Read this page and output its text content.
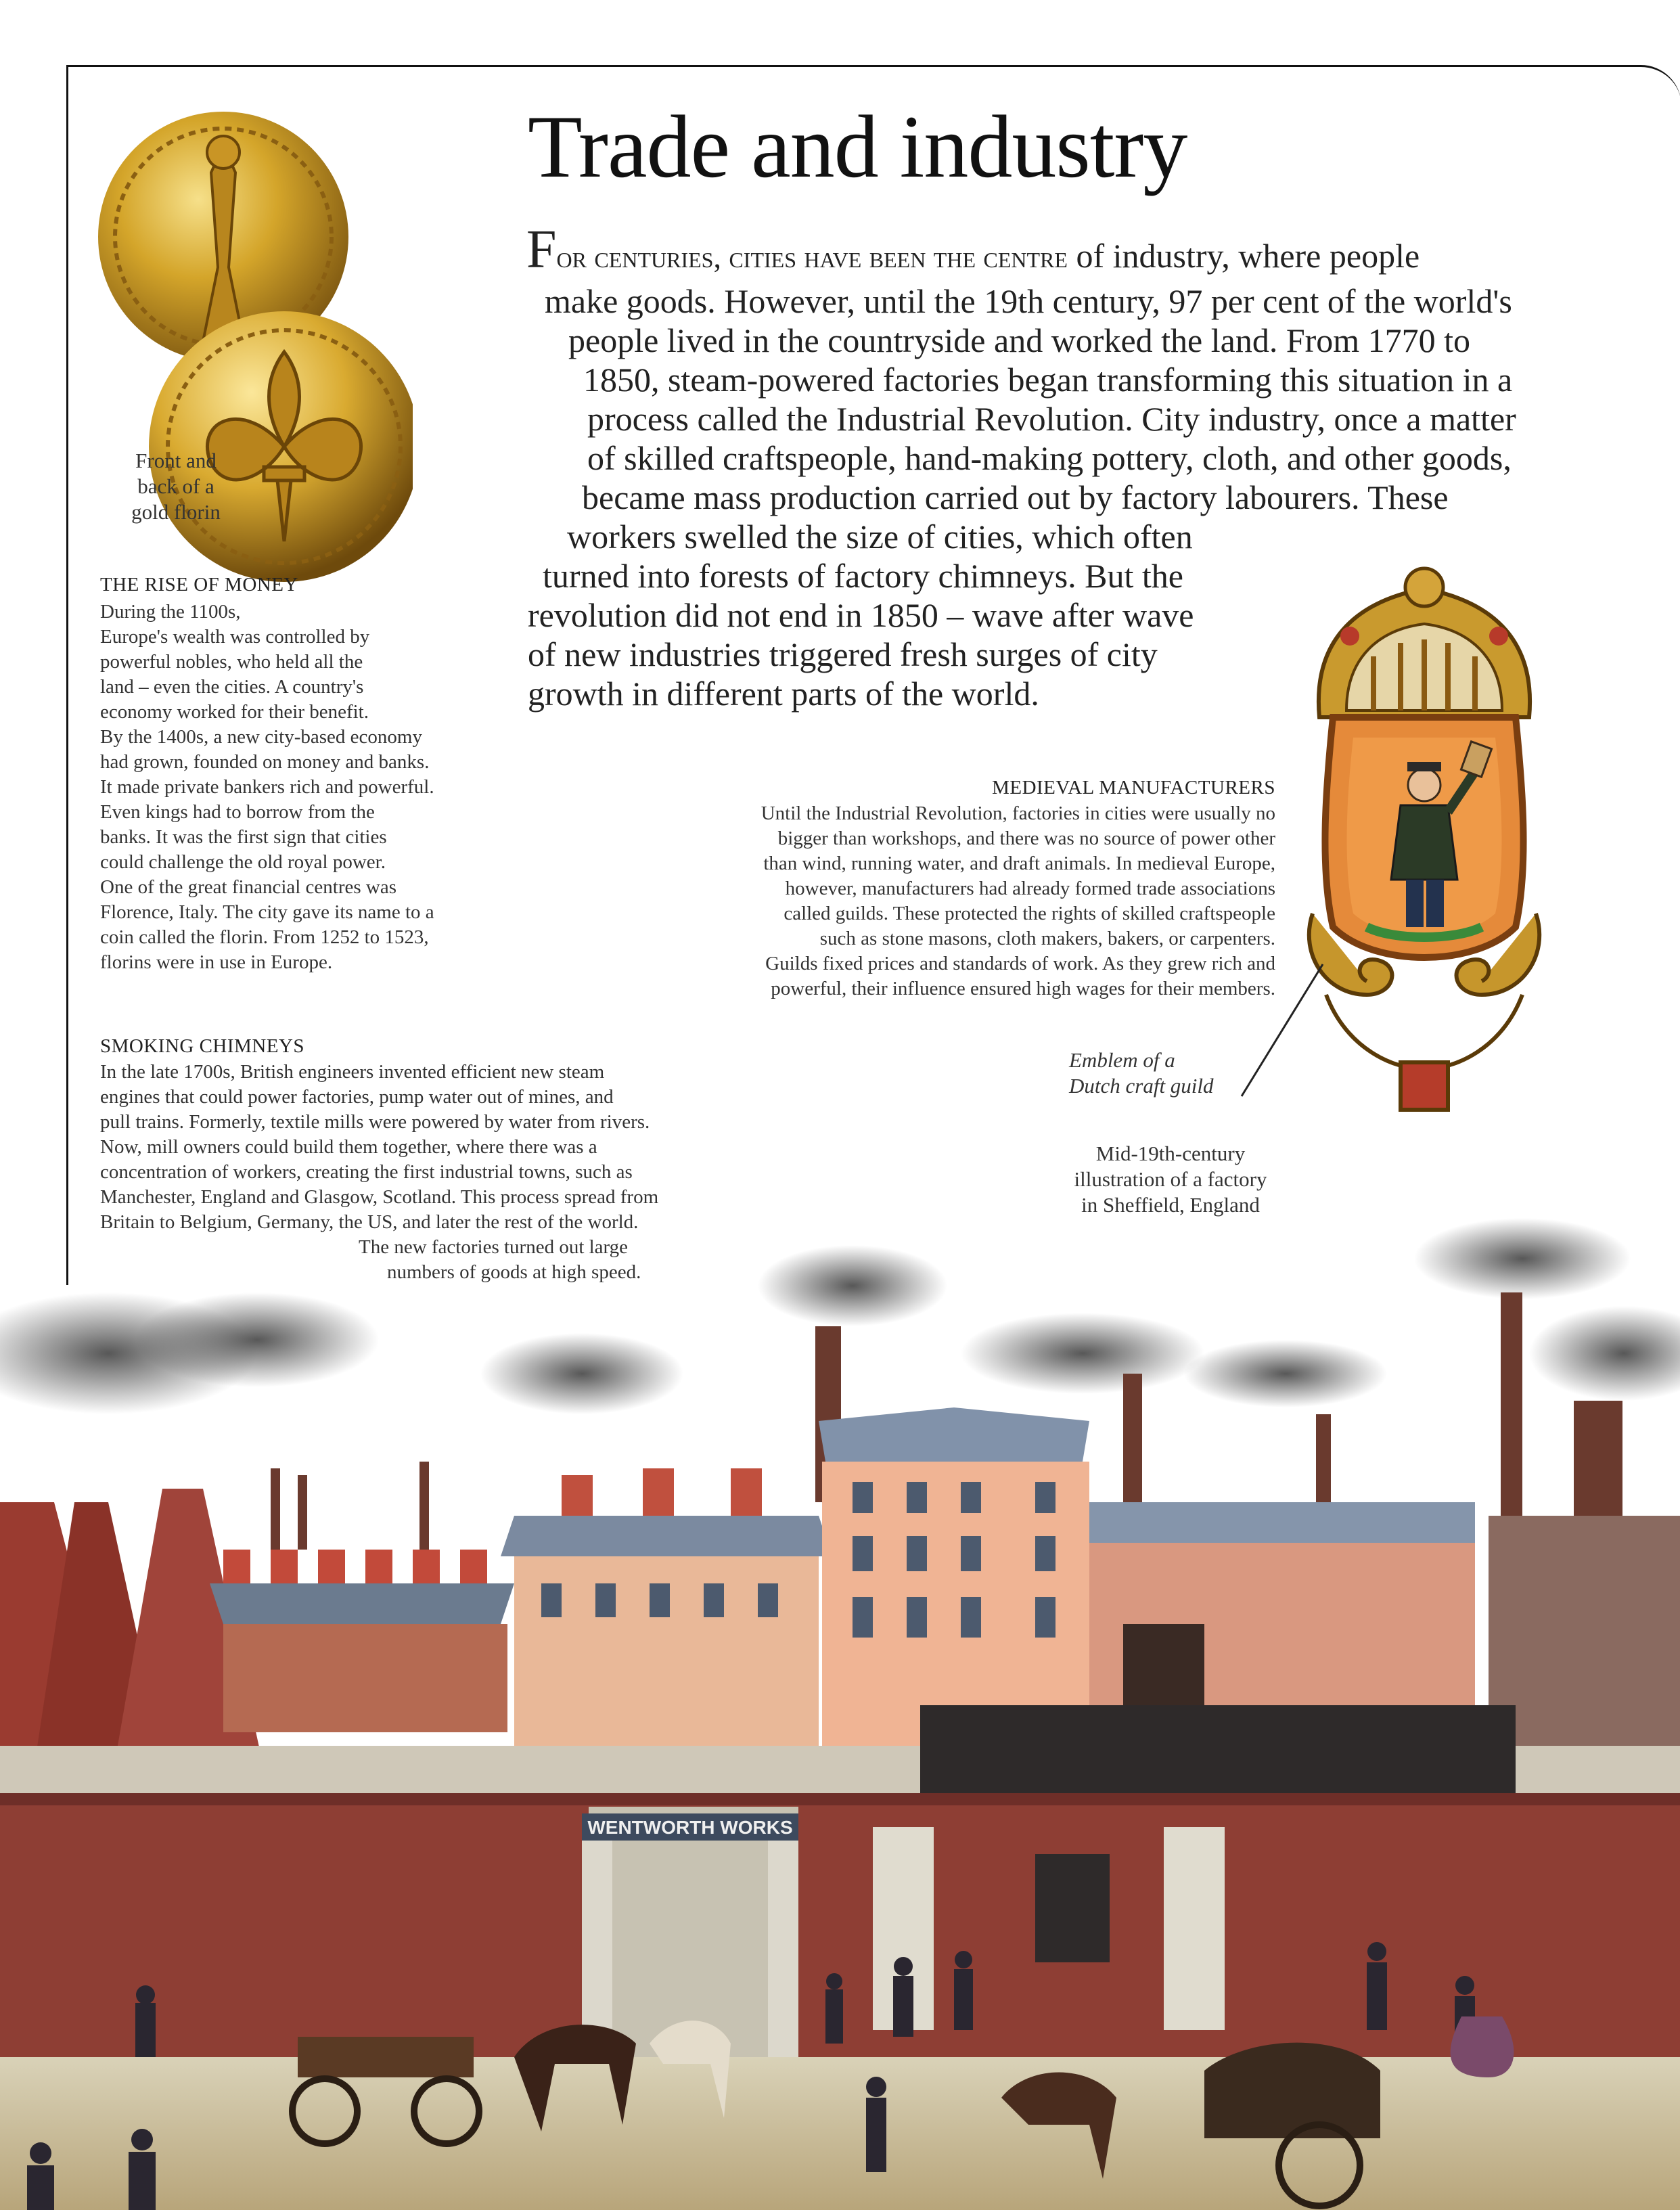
Trade and industry
Front and
back of a
gold florin
For centuries, cities have been the centre of industry, where people
make goods. However, until the 19th century, 97 per cent of the world's
people lived in the countryside and worked the land. From 1770 to
1850, steam-powered factories began transforming this situation in a
process called the Industrial Revolution. City industry, once a matter
of skilled craftspeople, hand-making pottery, cloth, and other goods,
became mass production carried out by factory labourers. These
workers swelled the size of cities, which often
turned into forests of factory chimneys. But the
revolution did not end in 1850 – wave after wave
of new industries triggered fresh surges of city
growth in different parts of the world.
THE RISE OF MONEY
During the 1100s,
Europe's wealth was controlled by
powerful nobles, who held all the
land – even the cities. A country's
economy worked for their benefit.
By the 1400s, a new city-based economy
had grown, founded on money and banks.
It made private bankers rich and powerful.
Even kings had to borrow from the
banks. It was the first sign that cities
could challenge the old royal power.
One of the great financial centres was
Florence, Italy. The city gave its name to a
coin called the florin. From 1252 to 1523,
florins were in use in Europe.
MEDIEVAL MANUFACTURERS
Until the Industrial Revolution, factories in cities were usually no
bigger than workshops, and there was no source of power other
than wind, running water, and draft animals. In medieval Europe,
however, manufacturers had already formed trade associations
called guilds. These protected the rights of skilled craftspeople
such as stone masons, cloth makers, bakers, or carpenters.
Guilds fixed prices and standards of work. As they grew rich and
powerful, their influence ensured high wages for their members.
Emblem of a
Dutch craft guild
Mid-19th-century
illustration of a factory
in Sheffield, England
SMOKING CHIMNEYS
In the late 1700s, British engineers invented efficient new steam
engines that could power factories, pump water out of mines, and
pull trains. Formerly, textile mills were powered by water from rivers.
Now, mill owners could build them together, where there was a
concentration of workers, creating the first industrial towns, such as
Manchester, England and Glasgow, Scotland. This process spread from
Britain to Belgium, Germany, the US, and later the rest of the world.
The new factories turned out large
numbers of goods at high speed.
WENTWORTH WORKS
